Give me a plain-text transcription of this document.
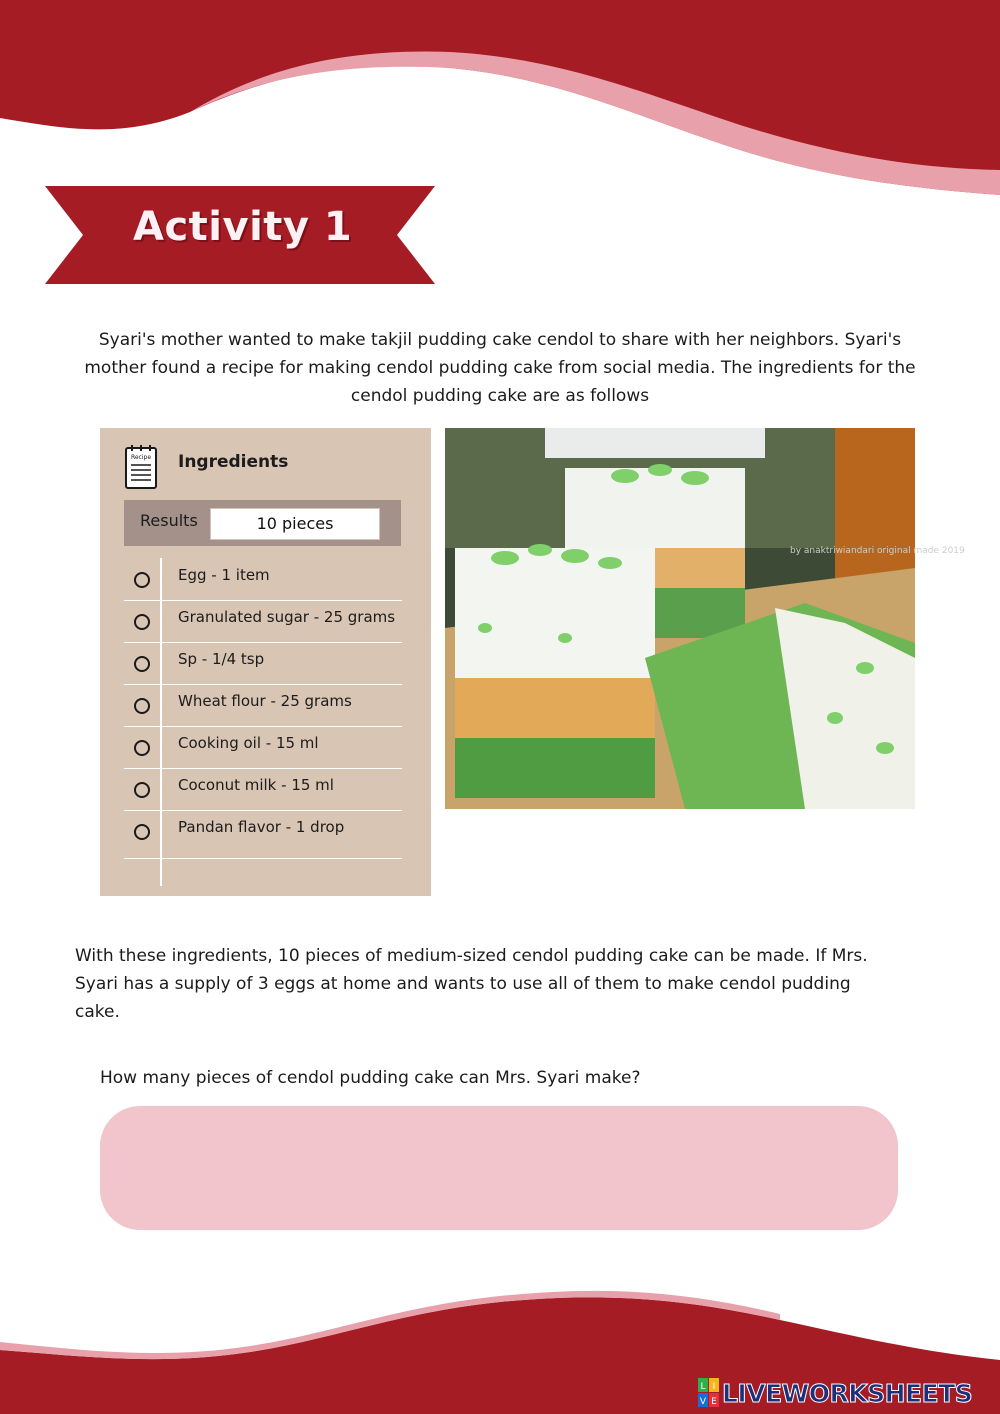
Activity 1
Syari's mother wanted to make takjil pudding cake cendol to share with her neighbors. Syari's mother found a recipe for making cendol pudding cake from social media. The ingredients for the cendol pudding cake are as follows
Recipe Ingredients
Results	10 pieces
Egg - 1 item
Granulated sugar - 25 grams
Sp - 1/4 tsp
Wheat flour - 25 grams
Cooking oil - 15 ml
Coconut milk - 15 ml
Pandan flavor - 1 drop
by anaktriwiandari original made 2019
With these ingredients, 10 pieces of medium-sized cendol pudding cake can be made. If Mrs. Syari has a supply of 3 eggs at home and wants to use all of them to make cendol pudding cake.
How many pieces of cendol pudding cake can Mrs. Syari make?
L I
V E LIVEWORKSHEETS
